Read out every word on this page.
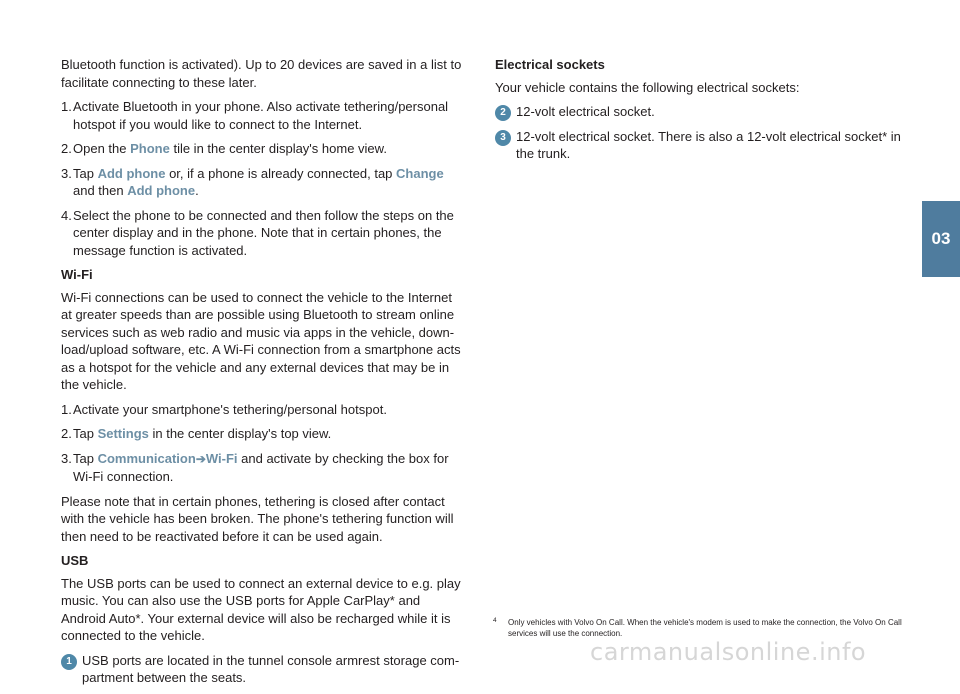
Bluetooth function is activated). Up to 20 devices are saved in a list to facilitate connecting to these later.

1. Activate Bluetooth in your phone. Also activate tethering/personal hotspot if you would like to connect to the Internet.
2. Open the Phone tile in the center display's home view.
3. Tap Add phone or, if a phone is already connected, tap Change and then Add phone.
4. Select the phone to be connected and then follow the steps on the center display and in the phone. Note that in certain phones, the message function is activated.
Wi-Fi

Wi-Fi connections can be used to connect the vehicle to the Internet at greater speeds than are possible using Bluetooth to stream online services such as web radio and music via apps in the vehicle, down-load/upload software, etc. A Wi-Fi connection from a smartphone acts as a hotspot for the vehicle and any external devices that may be in the vehicle.

1. Activate your smartphone's tethering/personal hotspot.
2. Tap Settings in the center display's top view.
3. Tap Communication➔Wi-Fi and activate by checking the box for Wi-Fi connection.

Please note that in certain phones, tethering is closed after contact with the vehicle has been broken. The phone's tethering function will then need to be reactivated before it can be used again.

USB

The USB ports can be used to connect an external device to e.g. play music. You can also use the USB ports for Apple CarPlay* and Android Auto*. Your external device will also be recharged while it is connected to the vehicle.

1 USB ports are located in the tunnel console armrest storage com-partment between the seats.
Electrical sockets

Your vehicle contains the following electrical sockets:

2 12-volt electrical socket.
3 12-volt electrical socket. There is also a 12-volt electrical socket* in the trunk.
4	Only vehicles with Volvo On Call. When the vehicle's modem is used to make the connection, the Volvo On Call services will use the connection.
03
carmanualsonline.info
